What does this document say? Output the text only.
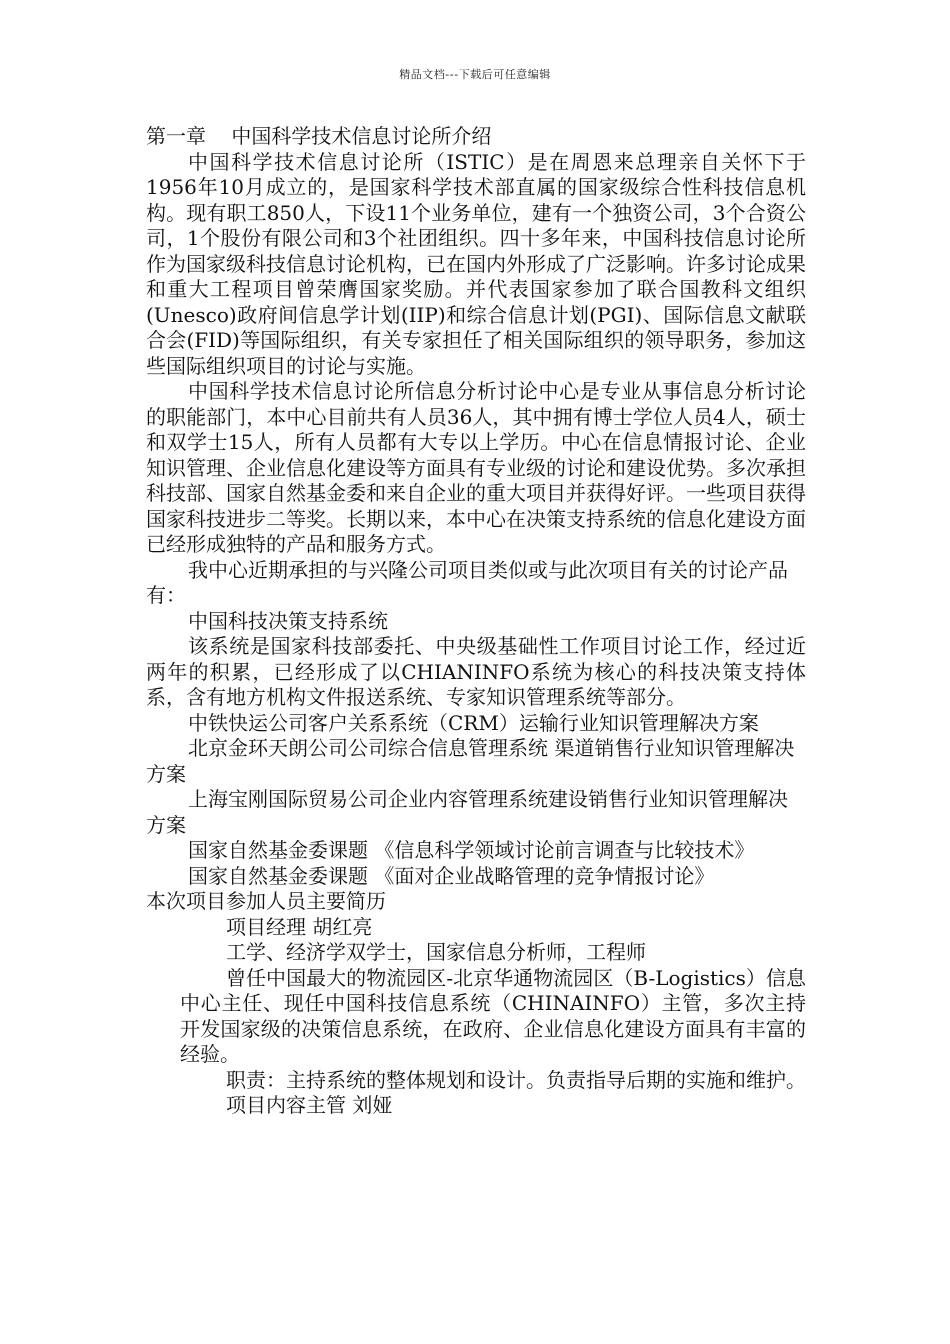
精品文档---下载后可任意编辑

第一章    中国科学技术信息讨论所介绍

中国科学技术信息讨论所（ISTIC）是在周恩来总理亲自关怀下于1956年10月成立的，是国家科学技术部直属的国家级综合性科技信息机构。现有职工850人，下设11个业务单位，建有一个独资公司，3个合资公司，1个股份有限公司和3个社团组织。四十多年来，中国科技信息讨论所作为国家级科技信息讨论机构，已在国内外形成了广泛影响。许多讨论成果和重大工程项目曾荣膺国家奖励。并代表国家参加了联合国教科文组织(Unesco)政府间信息学计划(IIP)和综合信息计划(PGI)、国际信息文献联合会(FID)等国际组织，有关专家担任了相关国际组织的领导职务，参加这些国际组织项目的讨论与实施。

中国科学技术信息讨论所信息分析讨论中心是专业从事信息分析讨论的职能部门，本中心目前共有人员36人，其中拥有博士学位人员4人，硕士和双学士15人，所有人员都有大专以上学历。中心在信息情报讨论、企业知识管理、企业信息化建设等方面具有专业级的讨论和建设优势。多次承担科技部、国家自然基金委和来自企业的重大项目并获得好评。一些项目获得国家科技进步二等奖。长期以来，本中心在决策支持系统的信息化建设方面已经形成独特的产品和服务方式。

我中心近期承担的与兴隆公司项目类似或与此次项目有关的讨论产品有：

中国科技决策支持系统

该系统是国家科技部委托、中央级基础性工作项目讨论工作，经过近两年的积累，已经形成了以CHIANINFO系统为核心的科技决策支持体系，含有地方机构文件报送系统、专家知识管理系统等部分。

中铁快运公司客户关系系统（CRM）运输行业知识管理解决方案

北京金环天朗公司公司综合信息管理系统 渠道销售行业知识管理解决方案

上海宝刚国际贸易公司企业内容管理系统建设销售行业知识管理解决方案

国家自然基金委课题 《信息科学领域讨论前言调查与比较技术》

国家自然基金委课题 《面对企业战略管理的竞争情报讨论》

本次项目参加人员主要简历

项目经理 胡红亮

工学、经济学双学士，国家信息分析师，工程师

曾任中国最大的物流园区-北京华通物流园区（B-Logistics）信息中心主任、现任中国科技信息系统（CHINAINFO）主管，多次主持开发国家级的决策信息系统，在政府、企业信息化建设方面具有丰富的经验。

职责：主持系统的整体规划和设计。负责指导后期的实施和维护。

项目内容主管 刘娅
